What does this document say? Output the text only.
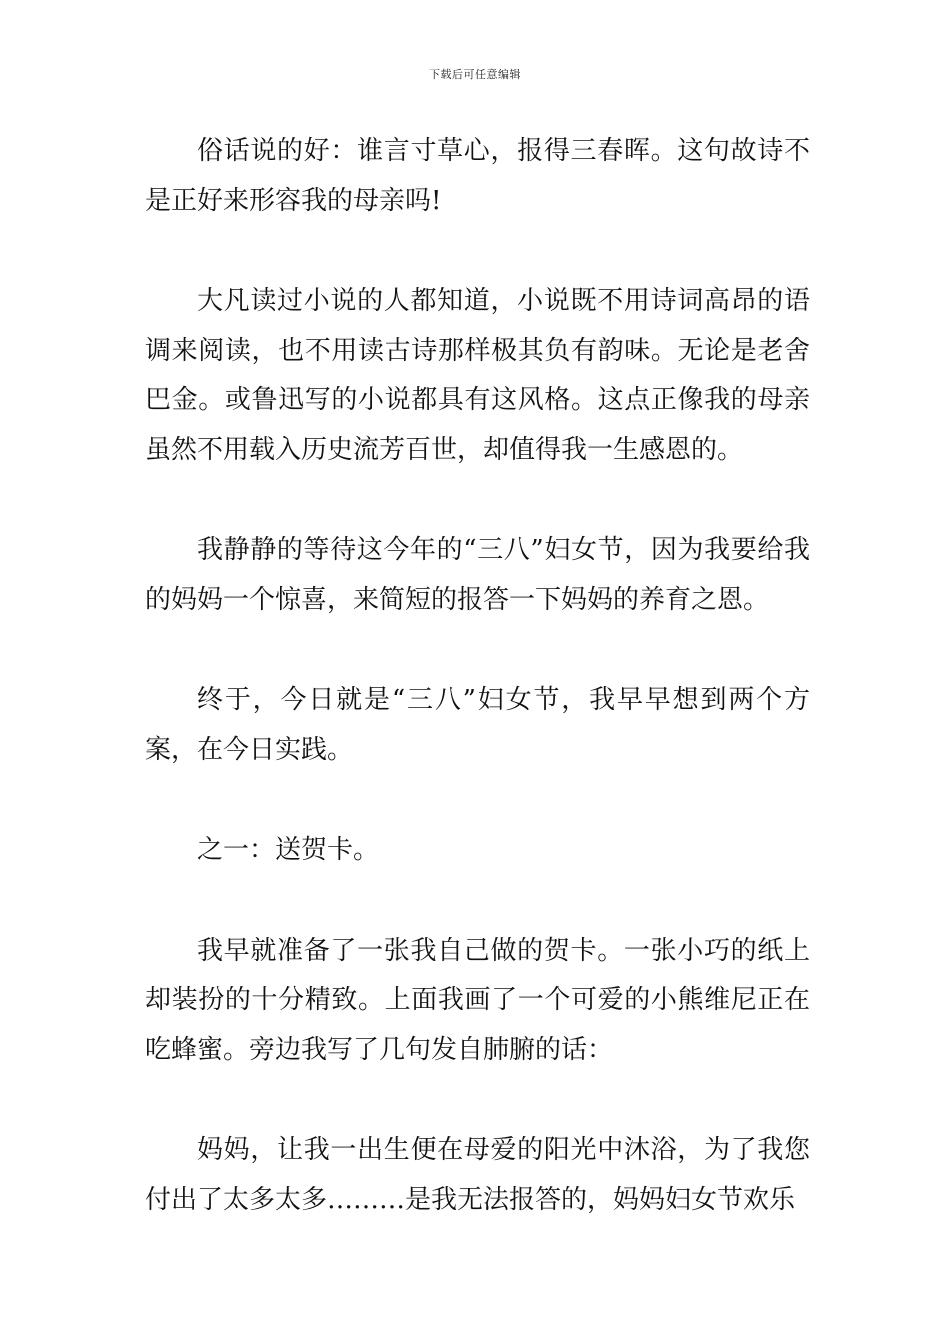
下载后可任意编辑

俗话说的好：谁言寸草心，报得三春晖。这句故诗不是正好来形容我的母亲吗!

大凡读过小说的人都知道，小说既不用诗词高昂的语调来阅读，也不用读古诗那样极其负有韵味。无论是老舍巴金。或鲁迅写的小说都具有这风格。这点正像我的母亲虽然不用载入历史流芳百世，却值得我一生感恩的。

我静静的等待这今年的“三八”妇女节，因为我要给我的妈妈一个惊喜，来简短的报答一下妈妈的养育之恩。

终于，今日就是“三八”妇女节，我早早想到两个方案，在今日实践。

之一：送贺卡。

我早就准备了一张我自己做的贺卡。一张小巧的纸上却装扮的十分精致。上面我画了一个可爱的小熊维尼正在吃蜂蜜。旁边我写了几句发自肺腑的话：

妈妈，让我一出生便在母爱的阳光中沐浴，为了我您付出了太多太多………是我无法报答的，妈妈妇女节欢乐
